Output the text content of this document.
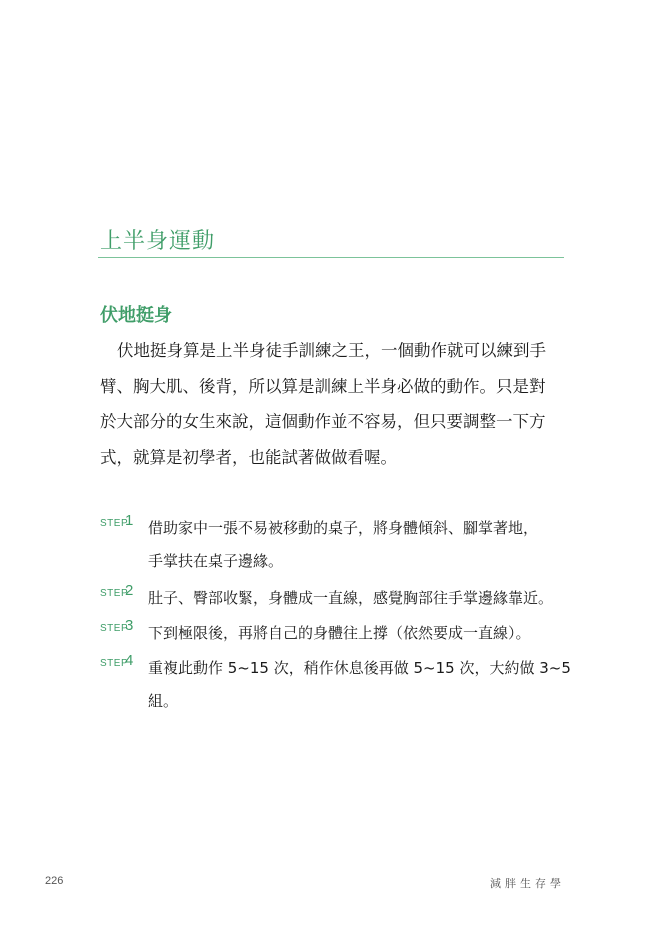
上半身運動
伏地挺身

伏地挺身算是上半身徒手訓練之王，一個動作就可以練到手
臂、胸大肌、後背，所以算是訓練上半身必做的動作。只是對
於大部分的女生來說，這個動作並不容易，但只要調整一下方
式，就算是初學者，也能試著做做看喔。

STEP
1 借助家中一張不易被移動的桌子，將身體傾斜、腳掌著地，
手掌扶在桌子邊緣。
STEP
2 肚子、臀部收緊，身體成一直線，感覺胸部往手掌邊緣靠近。
STEP
3 下到極限後，再將自己的身體往上撐（依然要成一直線）。
STEP
4 重複此動作 5~15 次，稍作休息後再做 5~15 次，大約做 3~5
組。
226	減胖生存學
